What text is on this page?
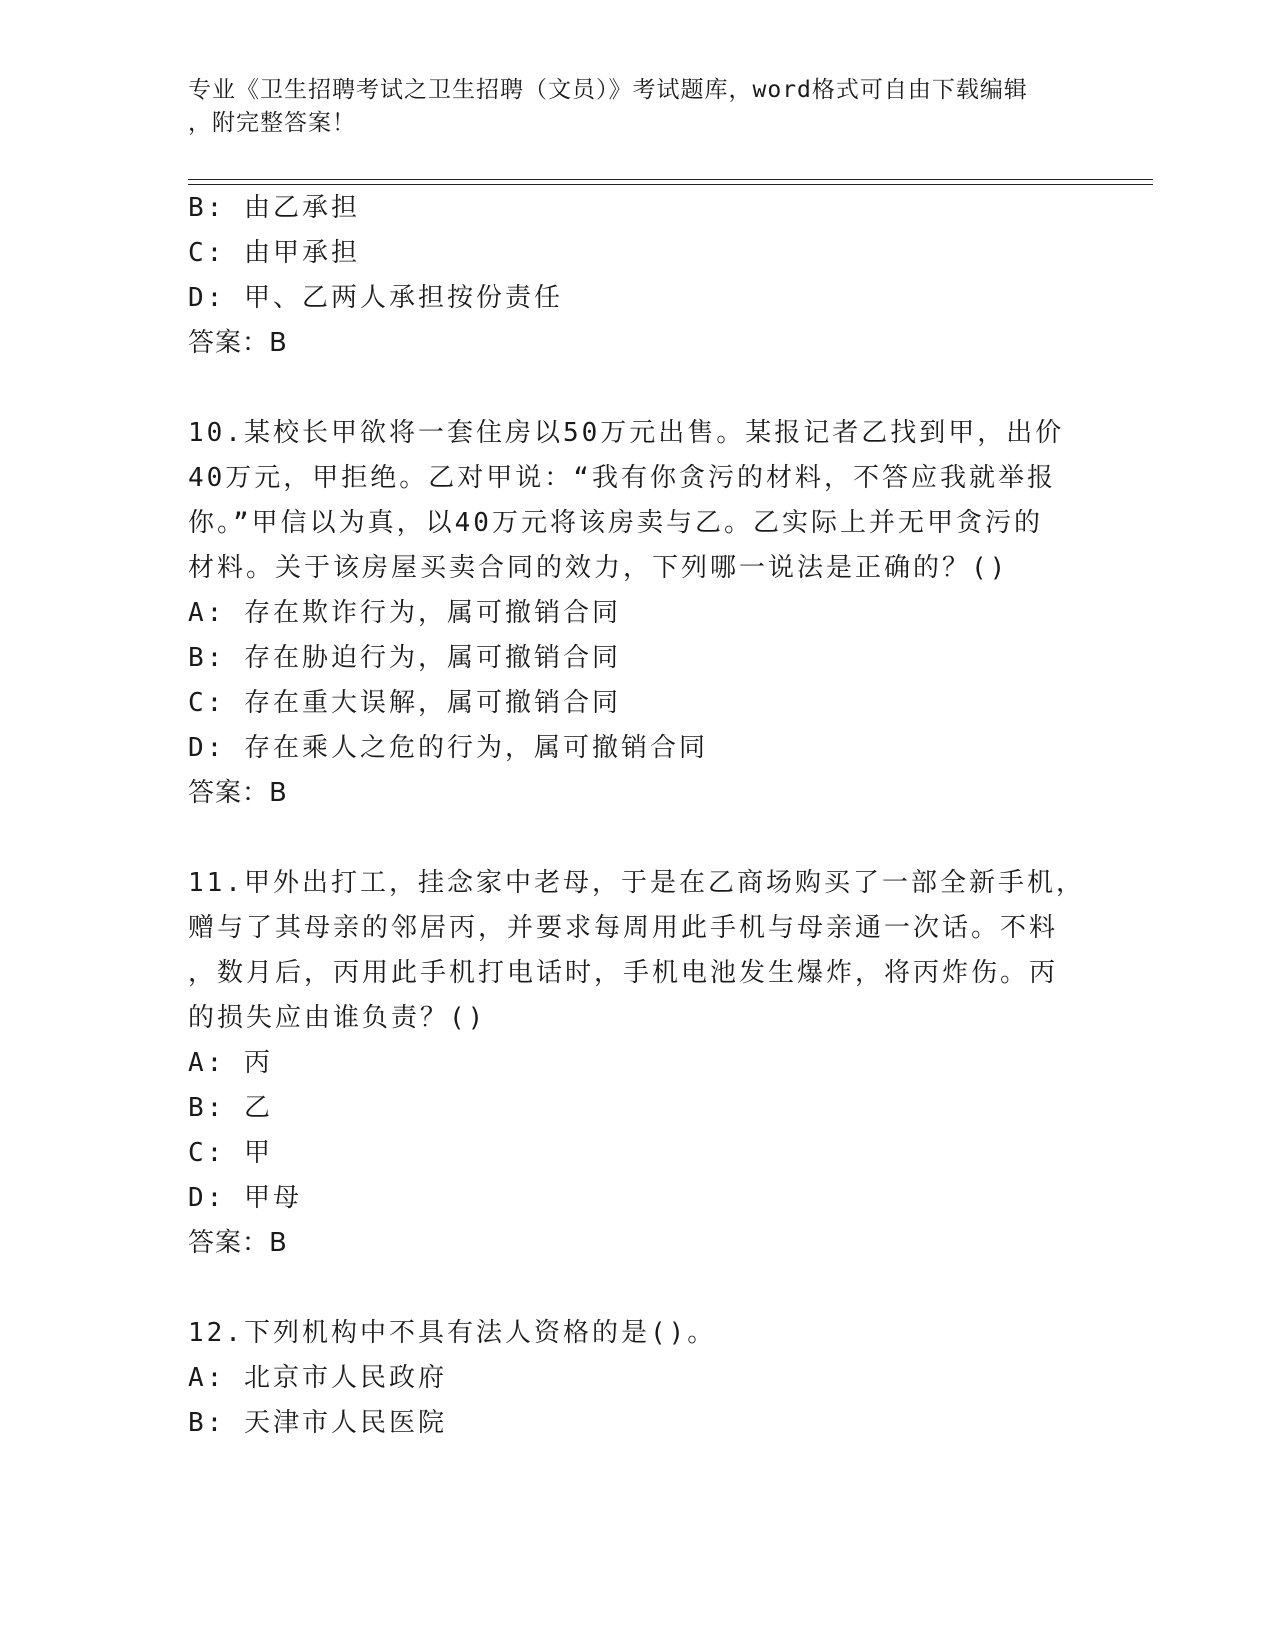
专业《卫生招聘考试之卫生招聘（文员）》考试题库，word格式可自由下载编辑
，附完整答案！
B: 由乙承担
C: 由甲承担
D: 甲、乙两人承担按份责任
答案：B
10.某校长甲欲将一套住房以50万元出售。某报记者乙找到甲，出价
40万元，甲拒绝。乙对甲说：“我有你贪污的材料，不答应我就举报
你。”甲信以为真，以40万元将该房卖与乙。乙实际上并无甲贪污的
材料。关于该房屋买卖合同的效力，下列哪一说法是正确的？()
A: 存在欺诈行为，属可撤销合同
B: 存在胁迫行为，属可撤销合同
C: 存在重大误解，属可撤销合同
D: 存在乘人之危的行为，属可撤销合同
答案：B
11.甲外出打工，挂念家中老母，于是在乙商场购买了一部全新手机，
赠与了其母亲的邻居丙，并要求每周用此手机与母亲通一次话。不料
，数月后，丙用此手机打电话时，手机电池发生爆炸，将丙炸伤。丙
的损失应由谁负责？()
A: 丙
B: 乙
C: 甲
D: 甲母
答案：B
12.下列机构中不具有法人资格的是()。
A: 北京市人民政府
B: 天津市人民医院
